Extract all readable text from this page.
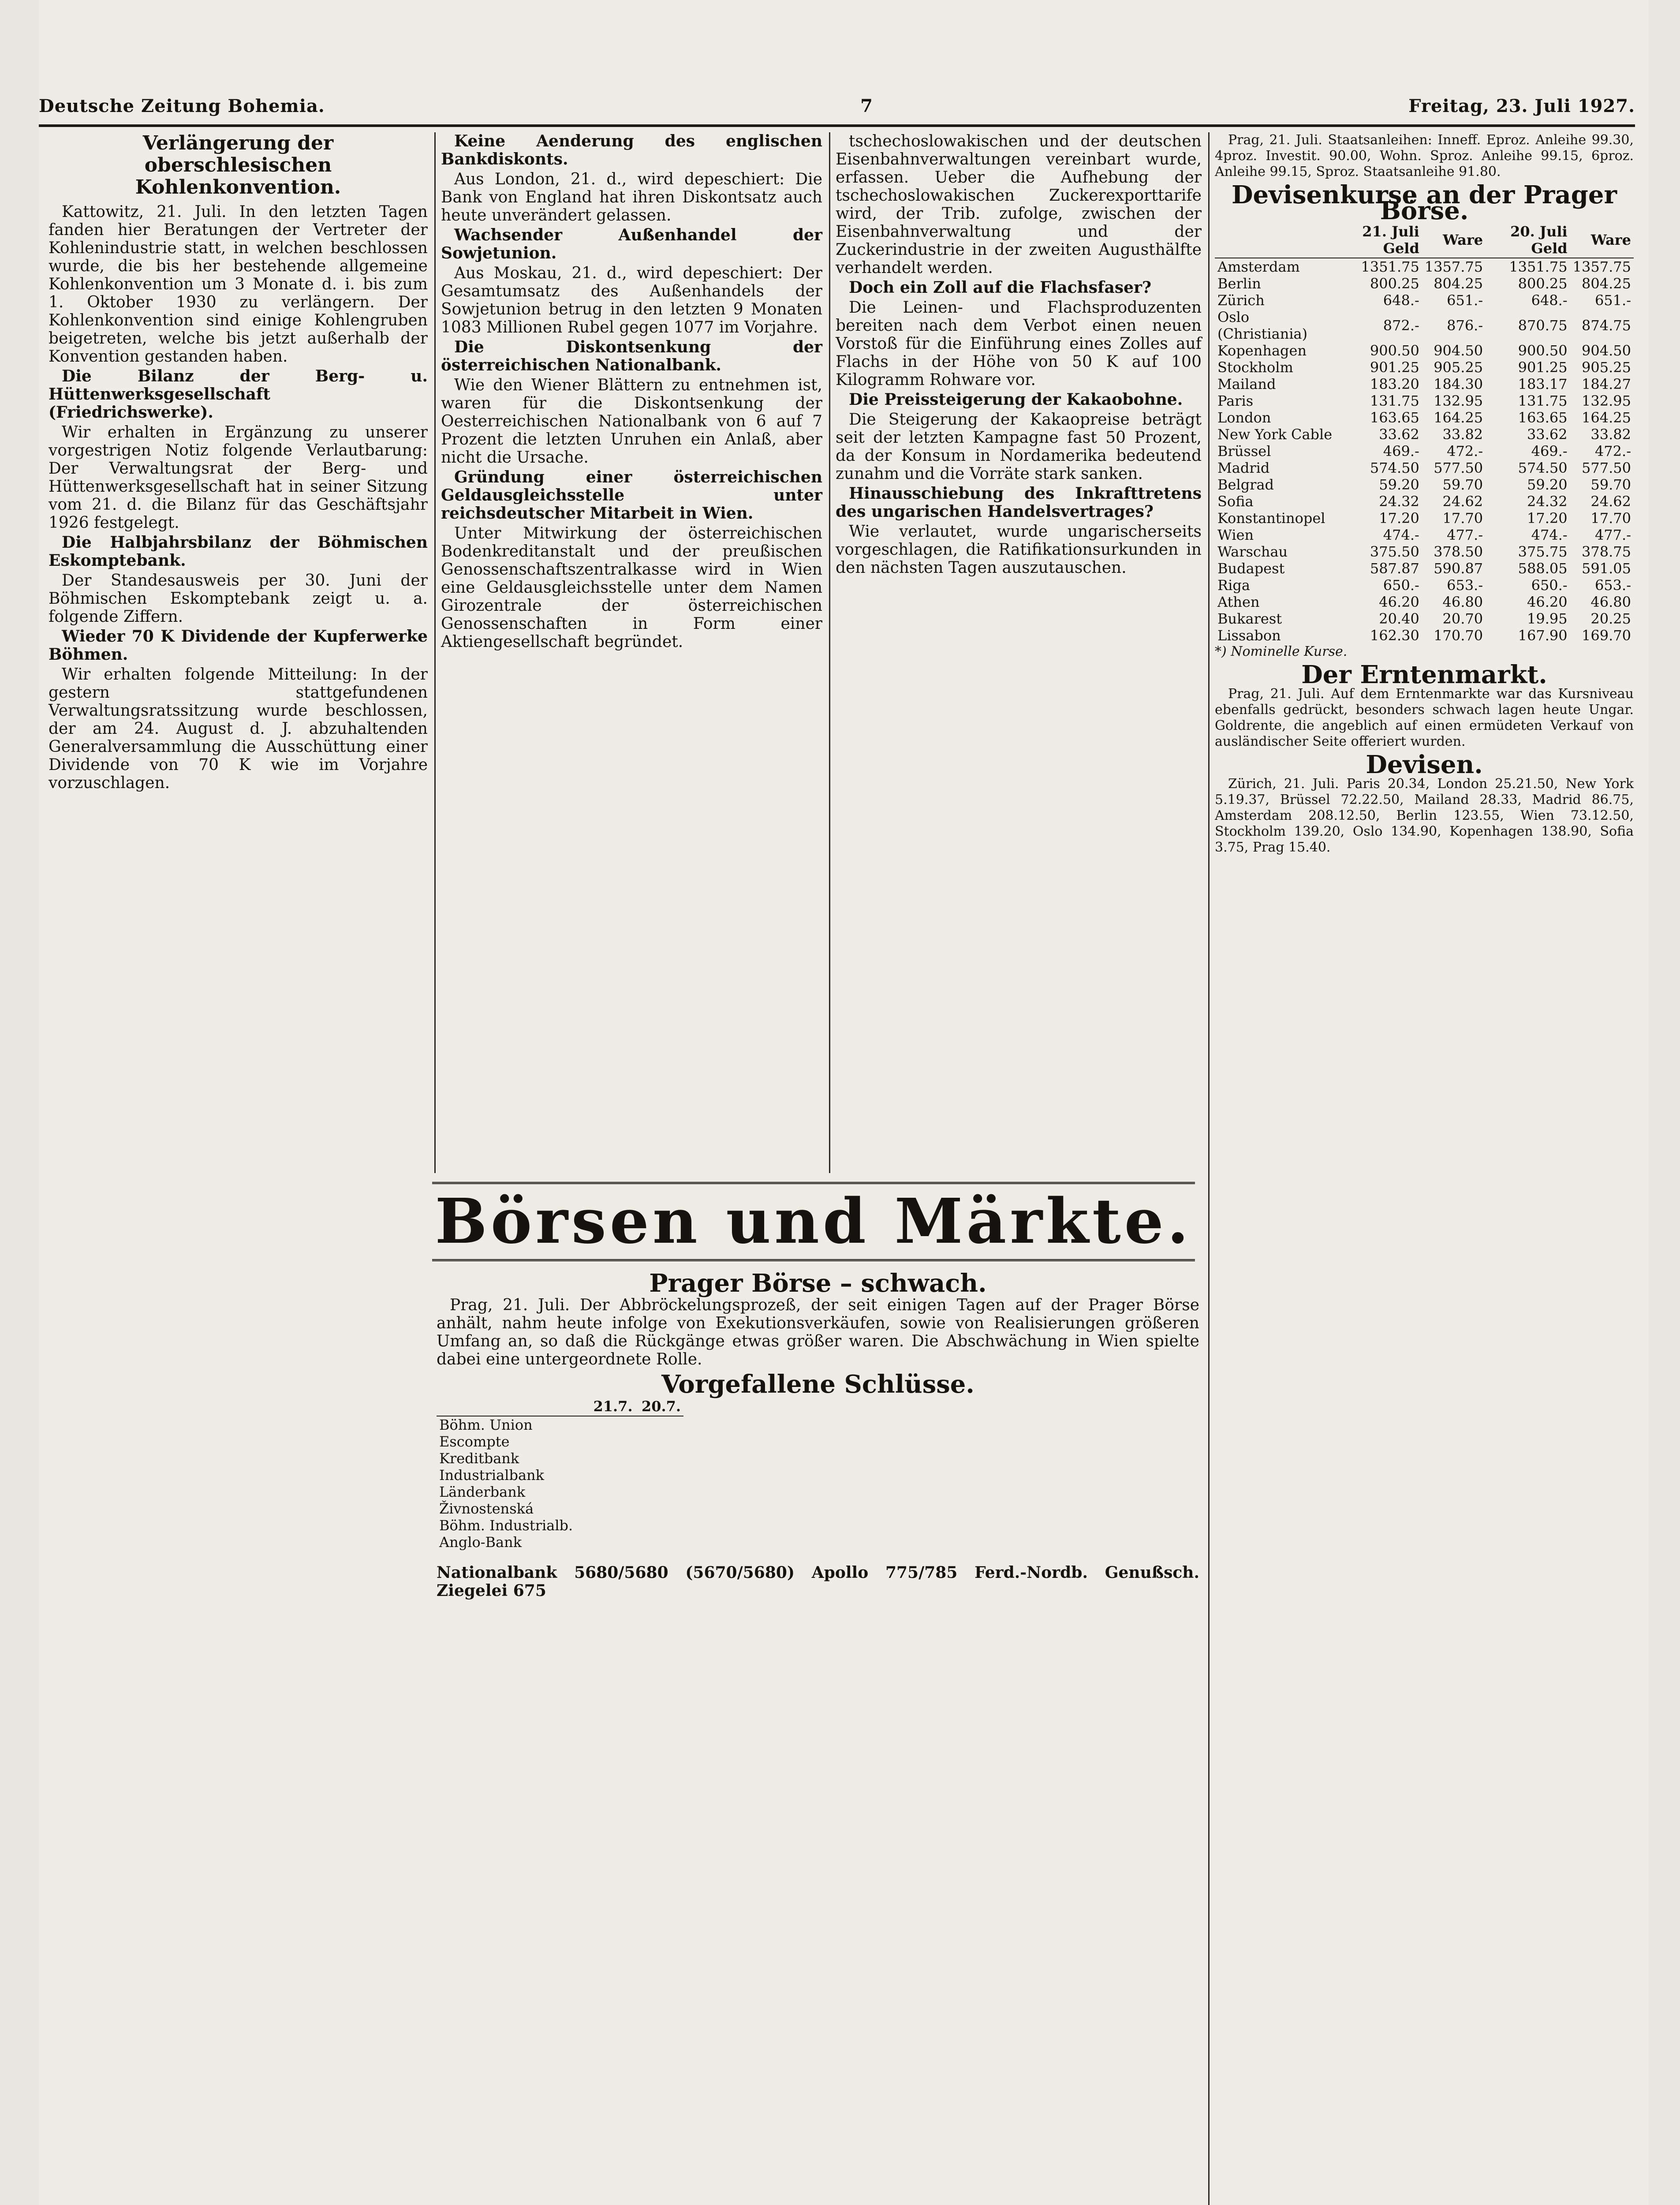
Deutsche Zeitung Bohemia.	7	Freitag, 23. Juli 1927.
Verlängerung der oberschlesischen Kohlenkonvention.

Kattowitz, 21. Juli. In den letzten Tagen fanden hier Beratungen der Vertreter der Kohlenindustrie statt, in welchen beschlossen wurde, die bis her bestehende allgemeine Kohlenkonvention um 3 Monate d. i. bis zum 1. Oktober 1930 zu verlängern. Der Kohlenkonvention sind einige Kohlengruben beigetreten, welche bis jetzt außerhalb der Konvention gestanden haben.

Die Bilanz der Berg- u. Hüttenwerksgesellschaft (Friedrichswerke).

Wir erhalten in Ergänzung zu unserer vorgestrigen Notiz folgende Verlautbarung: Der Verwaltungsrat der Berg- und Hüttenwerksgesellschaft hat in seiner Sitzung vom 21. d. die Bilanz für das Geschäftsjahr 1926 festgelegt.

Die Halbjahrsbilanz der Böhmischen Eskomptebank.

Der Standesausweis per 30. Juni der Böhmischen Eskomptebank zeigt u. a. folgende Ziffern.

Wieder 70 K Dividende der Kupferwerke Böhmen.

Wir erhalten folgende Mitteilung: In der gestern stattgefundenen Verwaltungsratssitzung wurde beschlossen, der am 24. August d. J. abzuhaltenden Generalversammlung die Ausschüttung einer Dividende von 70 K wie im Vorjahre vorzuschlagen.

Keine Aenderung des englischen Bankdiskonts.

Aus London, 21. d., wird depeschiert: Die Bank von England hat ihren Diskontsatz auch heute unverändert gelassen.

Wachsender Außenhandel der Sowjetunion.

Aus Moskau, 21. d., wird depeschiert: Der Gesamtumsatz des Außenhandels der Sowjetunion betrug in den letzten 9 Monaten 1083 Millionen Rubel gegen 1077 im Vorjahre.

Die Diskontsenkung der österreichischen Nationalbank.

Wie den Wiener Blättern zu entnehmen ist, waren für die Diskontsenkung der Oesterreichischen Nationalbank von 6 auf 7 Prozent die letzten Unruhen ein Anlaß, aber nicht die Ursache.

Gründung einer österreichischen Geldausgleichsstelle unter reichsdeutscher Mitarbeit in Wien.

Unter Mitwirkung der österreichischen Bodenkreditanstalt und der preußischen Genossenschaftszentralkasse wird in Wien eine Geldausgleichsstelle unter dem Namen Girozentrale der österreichischen Genossenschaften in Form einer Aktiengesellschaft begründet.

tschechoslowakischen und der deutschen Eisenbahnverwaltungen vereinbart wurde, erfassen. Ueber die Aufhebung der tschechoslowakischen Zuckerexporttarife wird, der Trib. zufolge, zwischen der Eisenbahnverwaltung und der Zuckerindustrie in der zweiten Augusthälfte verhandelt werden.

Doch ein Zoll auf die Flachsfaser?

Die Leinen- und Flachsproduzenten bereiten nach dem Verbot einen neuen Vorstoß für die Einführung eines Zolles auf Flachs in der Höhe von 50 K auf 100 Kilogramm Rohware vor.

Die Preissteigerung der Kakaobohne.

Die Steigerung der Kakaopreise beträgt seit der letzten Kampagne fast 50 Prozent, da der Konsum in Nordamerika bedeutend zunahm und die Vorräte stark sanken.

Hinausschiebung des Inkrafttretens des ungarischen Handelsvertrages?

Wie verlautet, wurde ungarischerseits vorgeschlagen, die Ratifikationsurkunden in den nächsten Tagen auszutauschen.

Prag, 21. Juli. Staatsanleihen: Inneff. Eproz. Anleihe 99.30, 4proz. Investit. 90.00, Wohn. Sproz. Anleihe 99.15, 6proz. Anleihe 99.15, Sproz. Staatsanleihe 91.80.

Devisenkurse an der Prager Börse.
	21. Juli Geld	Ware	20. Juli Geld	Ware
Amsterdam	1351.75	1357.75	1351.75	1357.75
Berlin	800.25	804.25	800.25	804.25
Zürich	648.-	651.-	648.-	651.-
Oslo (Christiania)	872.-	876.-	870.75	874.75
Kopenhagen	900.50	904.50	900.50	904.50
Stockholm	901.25	905.25	901.25	905.25
Mailand	183.20	184.30	183.17	184.27
Paris	131.75	132.95	131.75	132.95
London	163.65	164.25	163.65	164.25
New York Cable	33.62	33.82	33.62	33.82
Brüssel	469.-	472.-	469.-	472.-
Madrid	574.50	577.50	574.50	577.50
Belgrad	59.20	59.70	59.20	59.70
Sofia	24.32	24.62	24.32	24.62
Konstantinopel	17.20	17.70	17.20	17.70
Wien	474.-	477.-	474.-	477.-
Warschau	375.50	378.50	375.75	378.75
Budapest	587.87	590.87	588.05	591.05
Riga	650.-	653.-	650.-	653.-
Athen	46.20	46.80	46.20	46.80
Bukarest	20.40	20.70	19.95	20.25
Lissabon	162.30	170.70	167.90	169.70

*) Nominelle Kurse.

Der Erntenmarkt.

Prag, 21. Juli. Auf dem Erntenmarkte war das Kursniveau ebenfalls gedrückt, besonders schwach lagen heute Ungar. Goldrente, die angeblich auf einen ermüdeten Verkauf von ausländischer Seite offeriert wurden.

Devisen.

Zürich, 21. Juli. Paris 20.34, London 25.21.50, New York 5.19.37, Brüssel 72.22.50, Mailand 28.33, Madrid 86.75, Amsterdam 208.12.50, Berlin 123.55, Wien 73.12.50, Stockholm 139.20, Oslo 134.90, Kopenhagen 138.90, Sofia 3.75, Prag 15.40.

Börsen und Märkte.
Prager Börse – schwach.

Prag, 21. Juli. Der Abbröckelungsprozeß, der seit einigen Tagen auf der Prager Börse anhält, nahm heute infolge von Exekutionsverkäufen, sowie von Realisierungen größeren Umfang an, so daß die Rückgänge etwas größer waren. Die Abschwächung in Wien spielte dabei eine untergeordnete Rolle.

Vorgefallene Schlüsse.
	21.7.	20.7.
Böhm. Union		
Escompte		
Kreditbank		
Industrialbank		
Länderbank		
Živnostenská		
Böhm. Industrialb.		
Anglo-Bank		

Nationalbank 5680/5680 (5670/5680) Apollo 775/785 Ferd.-Nordb. Genußsch. Ziegelei 675
